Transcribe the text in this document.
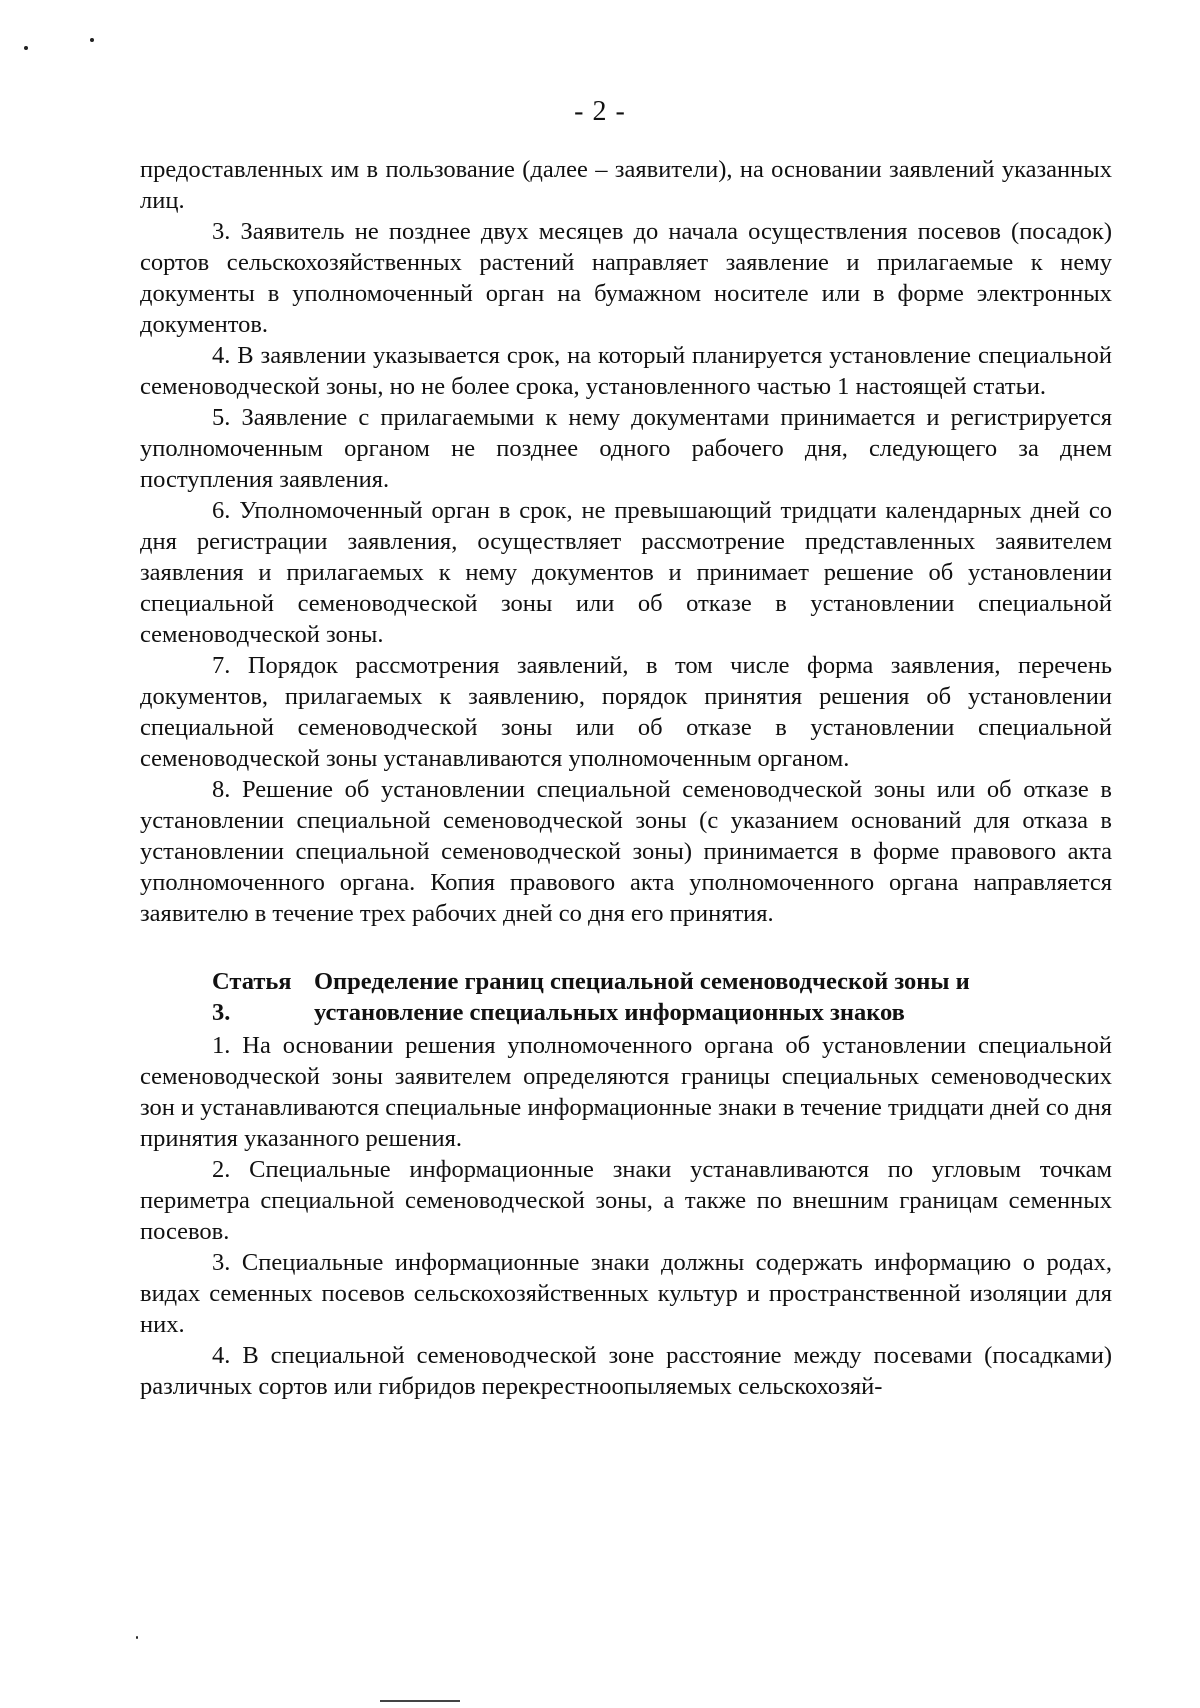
- 2 -

предоставленных им в пользование (далее – заявители), на основании заявлений указанных лиц.

3. Заявитель не позднее двух месяцев до начала осуществления посевов (посадок) сортов сельскохозяйственных растений направляет заявление и прилагаемые к нему документы в уполномоченный орган на бумажном носителе или в форме электронных документов.

4. В заявлении указывается срок, на который планируется установление специальной семеноводческой зоны, но не более срока, установленного частью 1 настоящей статьи.

5. Заявление с прилагаемыми к нему документами принимается и регистрируется уполномоченным органом не позднее одного рабочего дня, следующего за днем поступления заявления.

6. Уполномоченный орган в срок, не превышающий тридцати календарных дней со дня регистрации заявления, осуществляет рассмотрение представленных заявителем заявления и прилагаемых к нему документов и принимает решение об установлении специальной семеноводческой зоны или об отказе в установлении специальной семеноводческой зоны.

7. Порядок рассмотрения заявлений, в том числе форма заявления, перечень документов, прилагаемых к заявлению, порядок принятия решения об установлении специальной семеноводческой зоны или об отказе в установлении специальной семеноводческой зоны устанавливаются уполномоченным органом.

8. Решение об установлении специальной семеноводческой зоны или об отказе в установлении специальной семеноводческой зоны (с указанием оснований для отказа в установлении специальной семеноводческой зоны) принимается в форме правового акта уполномоченного органа. Копия правового акта уполномоченного органа направляется заявителю в течение трех рабочих дней со дня его принятия.

Статья 3.
Определение границ специальной семеноводческой зоны и установление специальных информационных знаков

1. На основании решения уполномоченного органа об установлении специальной семеноводческой зоны заявителем определяются границы специальных семеноводческих зон и устанавливаются специальные информационные знаки в течение тридцати дней со дня принятия указанного решения.

2. Специальные информационные знаки устанавливаются по угловым точкам периметра специальной семеноводческой зоны, а также по внешним границам семенных посевов.

3. Специальные информационные знаки должны содержать информацию о родах, видах семенных посевов сельскохозяйственных культур и пространственной изоляции для них.

4. В специальной семеноводческой зоне расстояние между посевами (посадками) различных сортов или гибридов перекрестноопыляемых сельскохозяй-
